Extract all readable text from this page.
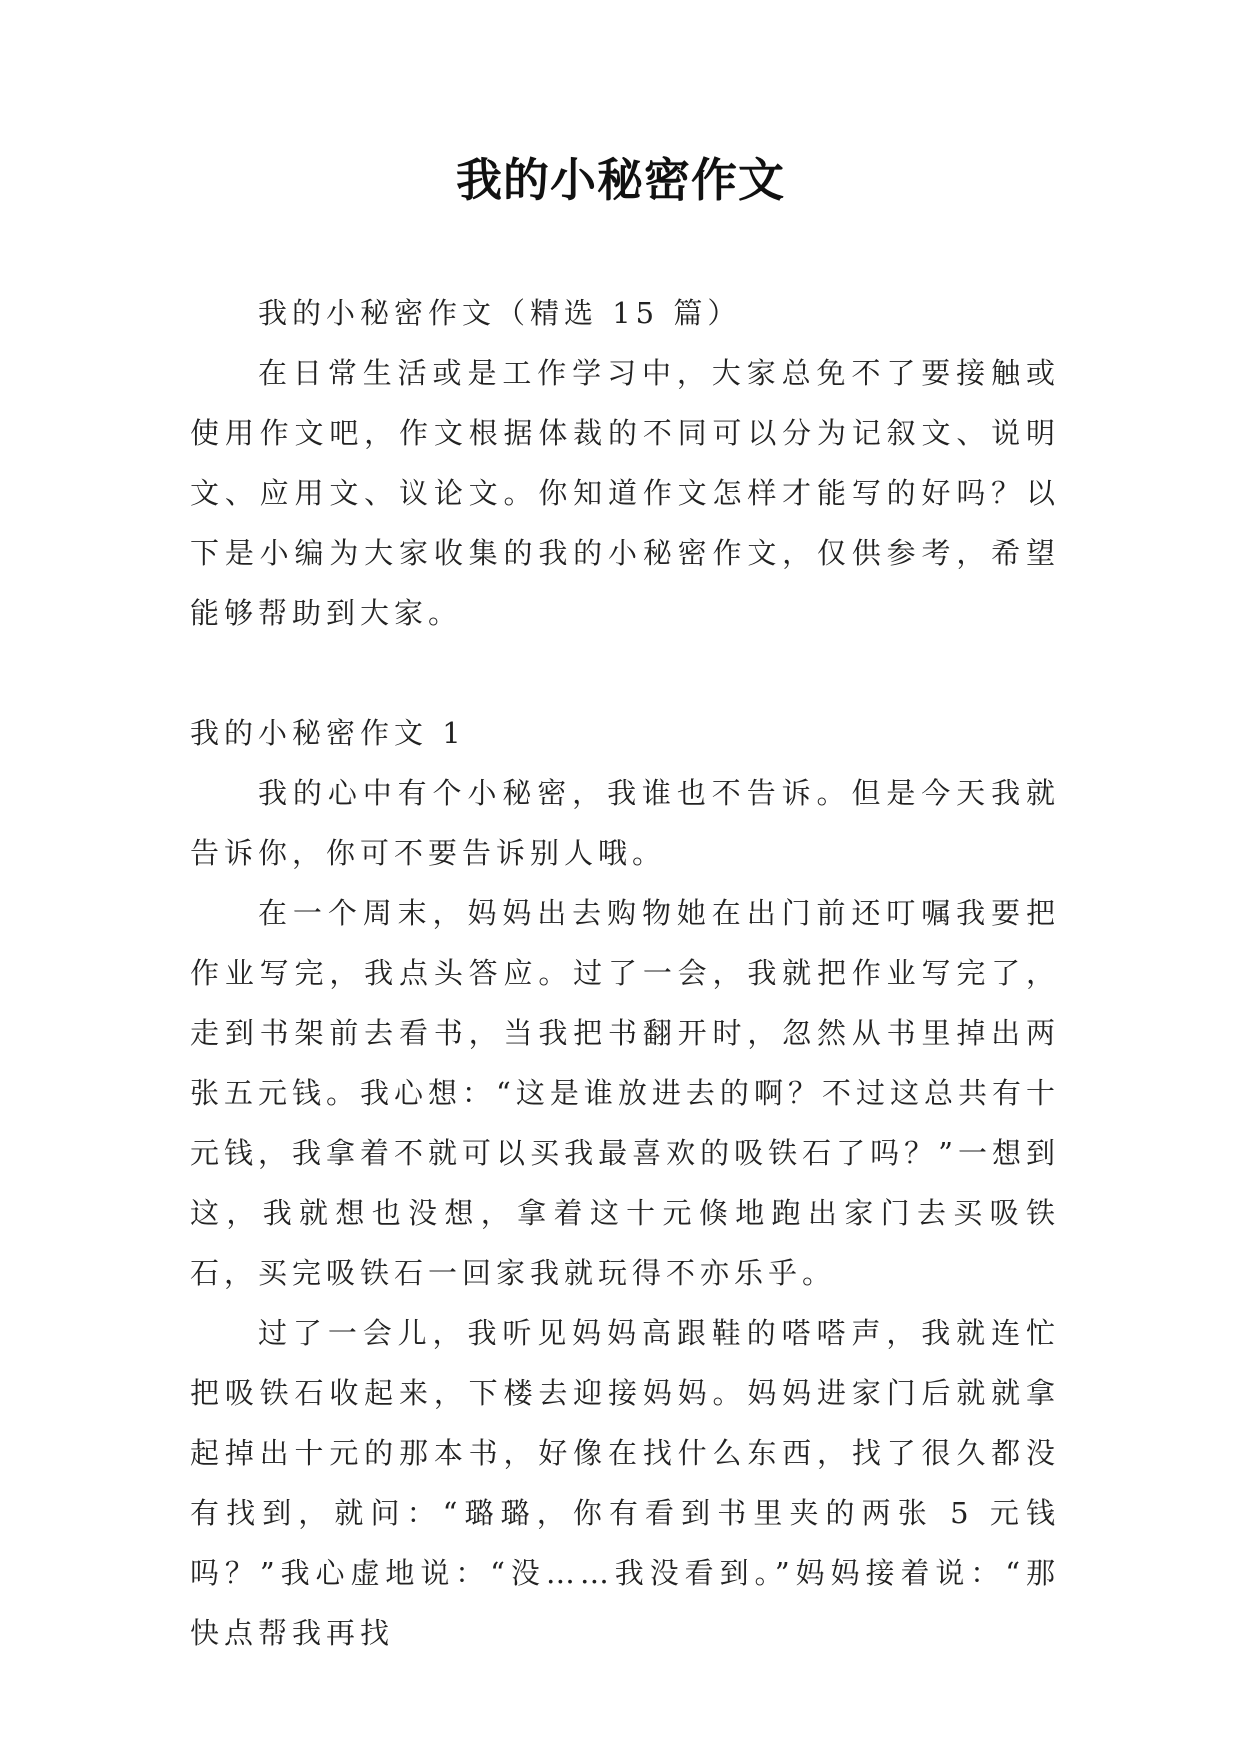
我的小秘密作文

我的小秘密作文（精选 15 篇）

在日常生活或是工作学习中，大家总免不了要接触或使用作文吧，作文根据体裁的不同可以分为记叙文、说明文、应用文、议论文。你知道作文怎样才能写的好吗？以下是小编为大家收集的我的小秘密作文，仅供参考，希望能够帮助到大家。

我的小秘密作文 1

我的心中有个小秘密，我谁也不告诉。但是今天我就告诉你，你可不要告诉别人哦。

在一个周末，妈妈出去购物她在出门前还叮嘱我要把作业写完，我点头答应。过了一会，我就把作业写完了，走到书架前去看书，当我把书翻开时，忽然从书里掉出两张五元钱。我心想：“这是谁放进去的啊？不过这总共有十元钱，我拿着不就可以买我最喜欢的吸铁石了吗？”一想到这，我就想也没想，拿着这十元倏地跑出家门去买吸铁石，买完吸铁石一回家我就玩得不亦乐乎。

过了一会儿，我听见妈妈高跟鞋的嗒嗒声，我就连忙把吸铁石收起来，下楼去迎接妈妈。妈妈进家门后就就拿起掉出十元的那本书，好像在找什么东西，找了很久都没有找到，就问：“璐璐，你有看到书里夹的两张 5 元钱吗？”我心虚地说：“没……我没看到。”妈妈接着说：“那快点帮我再找
